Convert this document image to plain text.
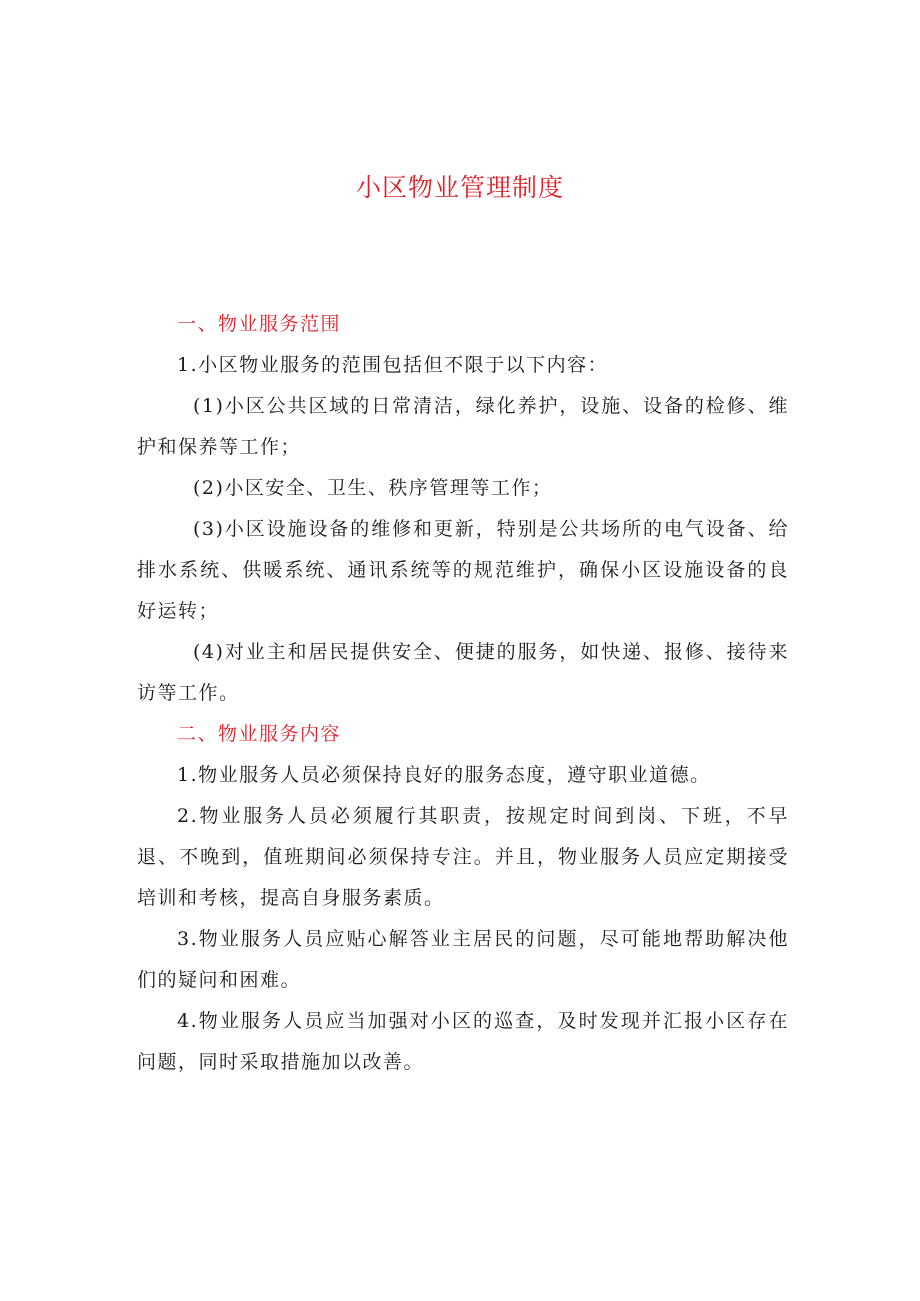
小区物业管理制度

一、物业服务范围

1.小区物业服务的范围包括但不限于以下内容：

(1)小区公共区域的日常清洁，绿化养护，设施、设备的检修、维护和保养等工作；

(2)小区安全、卫生、秩序管理等工作；

(3)小区设施设备的维修和更新，特别是公共场所的电气设备、给排水系统、供暖系统、通讯系统等的规范维护，确保小区设施设备的良好运转；

(4)对业主和居民提供安全、便捷的服务，如快递、报修、接待来访等工作。

二、物业服务内容

1.物业服务人员必须保持良好的服务态度，遵守职业道德。

2.物业服务人员必须履行其职责，按规定时间到岗、下班，不早退、不晚到，值班期间必须保持专注。并且，物业服务人员应定期接受培训和考核，提高自身服务素质。

3.物业服务人员应贴心解答业主居民的问题，尽可能地帮助解决他们的疑问和困难。

4.物业服务人员应当加强对小区的巡查，及时发现并汇报小区存在问题，同时采取措施加以改善。
